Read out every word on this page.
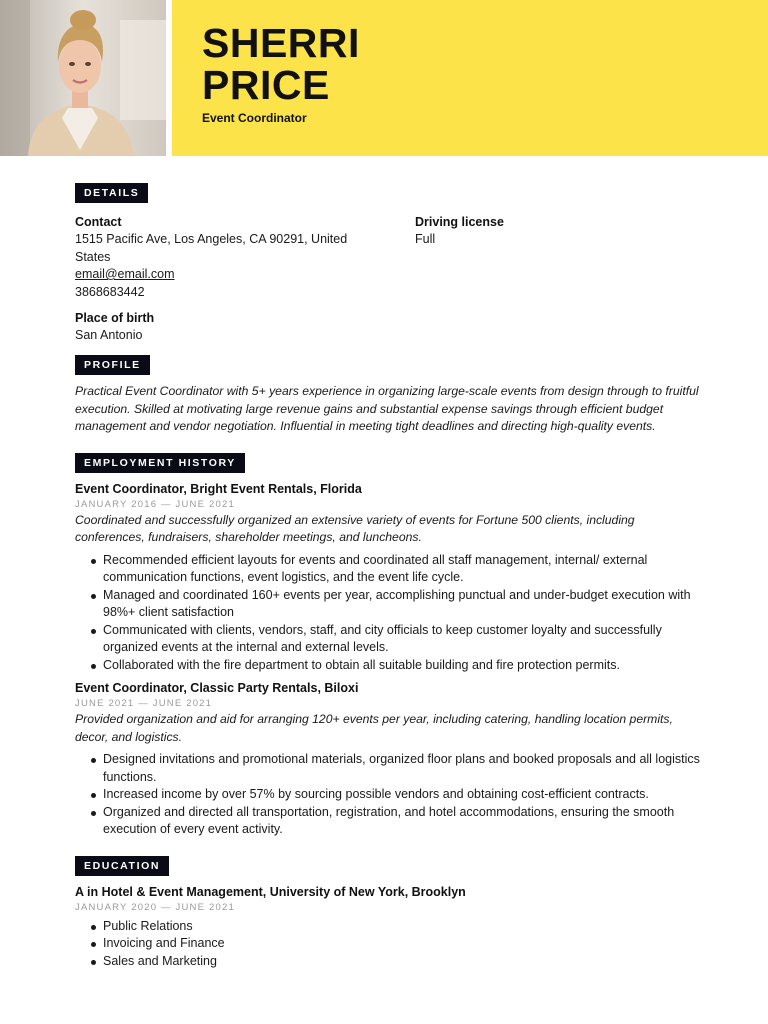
SHERRI
PRICE
Event Coordinator
DETAILS
Contact
1515 Pacific Ave, Los Angeles, CA 90291, United States
email@email.com
3868683442
Place of birth
San Antonio
Driving license
Full
PROFILE

Practical Event Coordinator with 5+ years experience in organizing large-scale events from design through to fruitful execution. Skilled at motivating large revenue gains and substantial expense savings through efficient budget management and vendor negotiation. Influential in meeting tight deadlines and directing high-quality events.

EMPLOYMENT HISTORY
Event Coordinator, Bright Event Rentals, Florida
JANUARY 2016 — JUNE 2021
Coordinated and successfully organized an extensive variety of events for Fortune 500 clients, including conferences, fundraisers, shareholder meetings, and luncheons.
Recommended efficient layouts for events and coordinated all staff management, internal/ external communication functions, event logistics, and the event life cycle.
Managed and coordinated 160+ events per year, accomplishing punctual and under-budget execution with 98%+ client satisfaction
Communicated with clients, vendors, staff, and city officials to keep customer loyalty and successfully organized events at the internal and external levels.
Collaborated with the fire department to obtain all suitable building and fire protection permits.
Event Coordinator, Classic Party Rentals, Biloxi
JUNE 2021 — JUNE 2021
Provided organization and aid for arranging 120+ events per year, including catering, handling location permits, decor, and logistics.
Designed invitations and promotional materials, organized floor plans and booked proposals and all logistics functions.
Increased income by over 57% by sourcing possible vendors and obtaining cost-efficient contracts.
Organized and directed all transportation, registration, and hotel accommodations, ensuring the smooth execution of every event activity.
EDUCATION
A in Hotel & Event Management, University of New York, Brooklyn
JANUARY 2020 — JUNE 2021
Public Relations
Invoicing and Finance
Sales and Marketing
